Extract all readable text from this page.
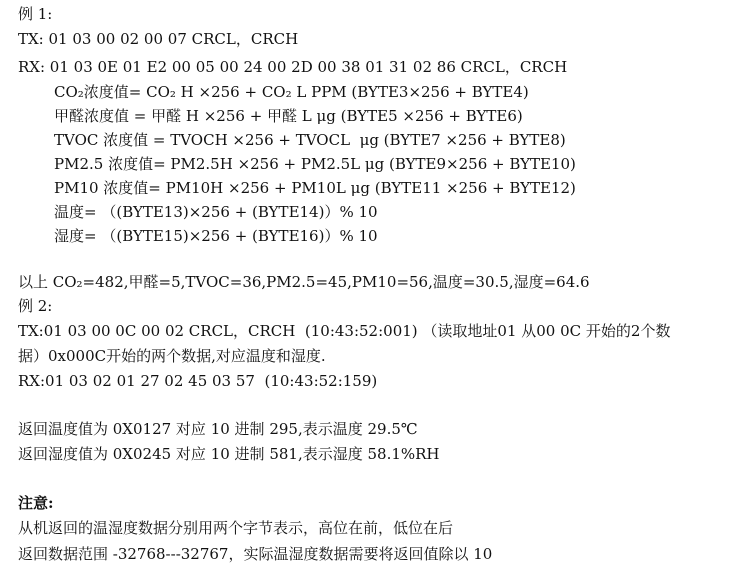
例 1:
TX: 01 03 00 02 00 07 CRCL，CRCH
RX: 01 03 0E 01 E2 00 05 00 24 00 2D 00 38 01 31 02 86 CRCL，CRCH
CO₂浓度值= CO₂ H ×256 + CO₂ L PPM (BYTE3×256 + BYTE4)
甲醛浓度值 = 甲醛 H ×256 + 甲醛 L μg (BYTE5 ×256 + BYTE6)
TVOC 浓度值 = TVOCH ×256 + TVOCL  μg (BYTE7 ×256 + BYTE8)
PM2.5 浓度值= PM2.5H ×256 + PM2.5L μg (BYTE9×256 + BYTE10)
PM10 浓度值= PM10H ×256 + PM10L μg (BYTE11 ×256 + BYTE12)
温度= （(BYTE13)×256 + (BYTE14)）% 10
湿度= （(BYTE15)×256 + (BYTE16)）% 10
以上 CO₂=482,甲醛=5,TVOC=36,PM2.5=45,PM10=56,温度=30.5,湿度=64.6
例 2:
TX:01 03 00 0C 00 02 CRCL，CRCH  (10:43:52:001) （读取地址01 从00 0C 开始的2个数
据）0x000C开始的两个数据,对应温度和湿度.
RX:01 03 02 01 27 02 45 03 57  (10:43:52:159)
返回温度值为 0X0127 对应 10 进制 295,表示温度 29.5℃
返回湿度值为 0X0245 对应 10 进制 581,表示湿度 58.1%RH
注意:
从机返回的温湿度数据分别用两个字节表示，高位在前，低位在后
返回数据范围 -32768---32767，实际温湿度数据需要将返回值除以 10
